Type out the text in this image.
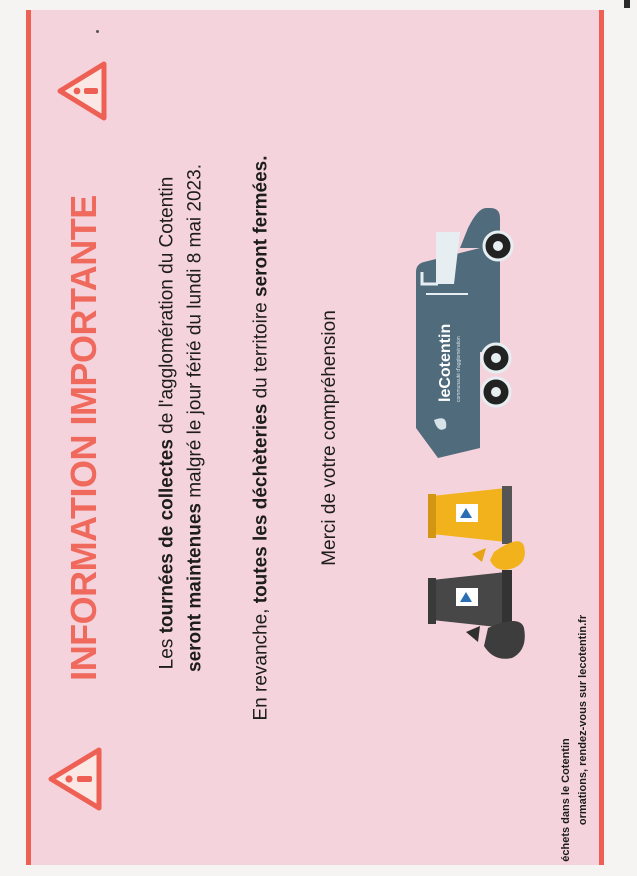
INFORMATION IMPORTANTE	Les tournées de collectes de l'agglomération du Cotentin
seront maintenues malgré le jour férié du lundi 8 mai 2023.
En revanche, toutes les déchèteries du territoire seront fermées.
Merci de votre compréhension	leCotentin communauté d'agglomération
échets dans le Cotentin ormations, rendez-vous sur lecotentin.fr
